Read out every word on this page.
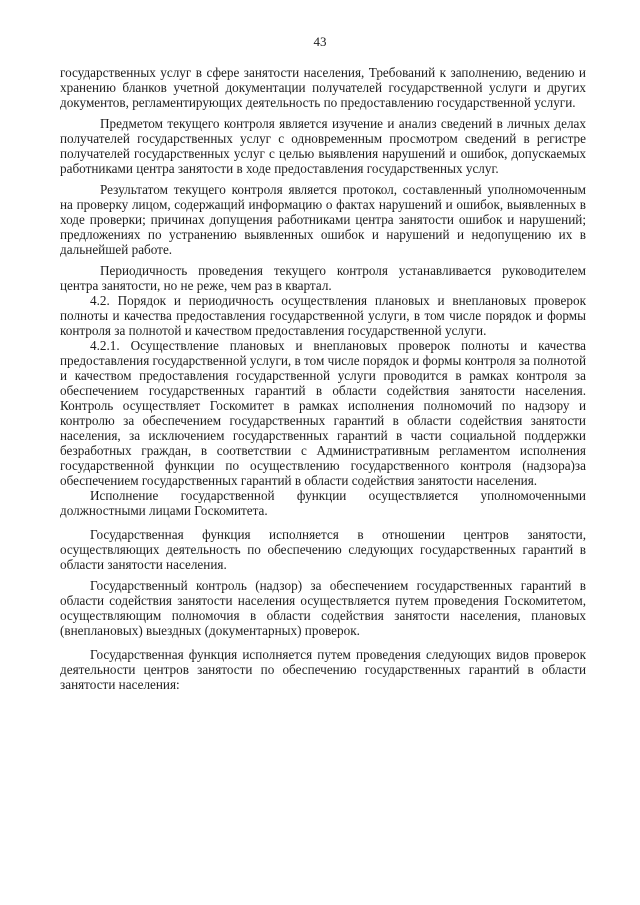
43

государственных услуг в сфере занятости населения, Требований к заполнению, ведению и хранению бланков учетной документации получателей государственной услуги и других документов, регламентирующих деятельность по предоставлению государственной услуги.

Предметом текущего контроля является изучение и анализ сведений в личных делах получателей государственных услуг с одновременным просмотром сведений в регистре получателей государственных услуг с целью выявления нарушений и ошибок, допускаемых работниками центра занятости в ходе предоставления государственных услуг.

Результатом текущего контроля является протокол, составленный уполномоченным на проверку лицом, содержащий информацию о фактах нарушений и ошибок, выявленных в ходе проверки; причинах допущения работниками центра занятости ошибок и нарушений; предложениях по устранению выявленных ошибок и нарушений и недопущению их в дальнейшей работе.

Периодичность проведения текущего контроля устанавливается руководителем центра занятости, но не реже, чем раз в квартал.

4.2. Порядок и периодичность осуществления плановых и внеплановых проверок полноты и качества предоставления государственной услуги, в том числе порядок и формы контроля за полнотой и качеством предоставления государственной услуги.

4.2.1. Осуществление плановых и внеплановых проверок полноты и качества предоставления государственной услуги, в том числе порядок и формы контроля за полнотой и качеством предоставления государственной услуги проводится в рамках контроля за обеспечением государственных гарантий в области содействия занятости населения. Контроль осуществляет Госкомитет в рамках исполнения полномочий по надзору и контролю за обеспечением государственных гарантий в области содействия занятости населения, за исключением государственных гарантий в части социальной поддержки безработных граждан, в соответствии с Административным регламентом исполнения государственной функции по осуществлению государственного контроля (надзора)за обеспечением государственных гарантий в области содействия занятости населения.

Исполнение государственной функции осуществляется уполномоченными должностными лицами Госкомитета.

Государственная функция исполняется в отношении центров занятости, осуществляющих деятельность по обеспечению следующих государственных гарантий в области занятости населения.

Государственный контроль (надзор) за обеспечением государственных гарантий в области содействия занятости населения осуществляется путем проведения Госкомитетом, осуществляющим полномочия в области содействия занятости населения, плановых (внеплановых) выездных (документарных) проверок.

Государственная функция исполняется путем проведения следующих видов проверок деятельности центров занятости по обеспечению государственных гарантий в области занятости населения:
